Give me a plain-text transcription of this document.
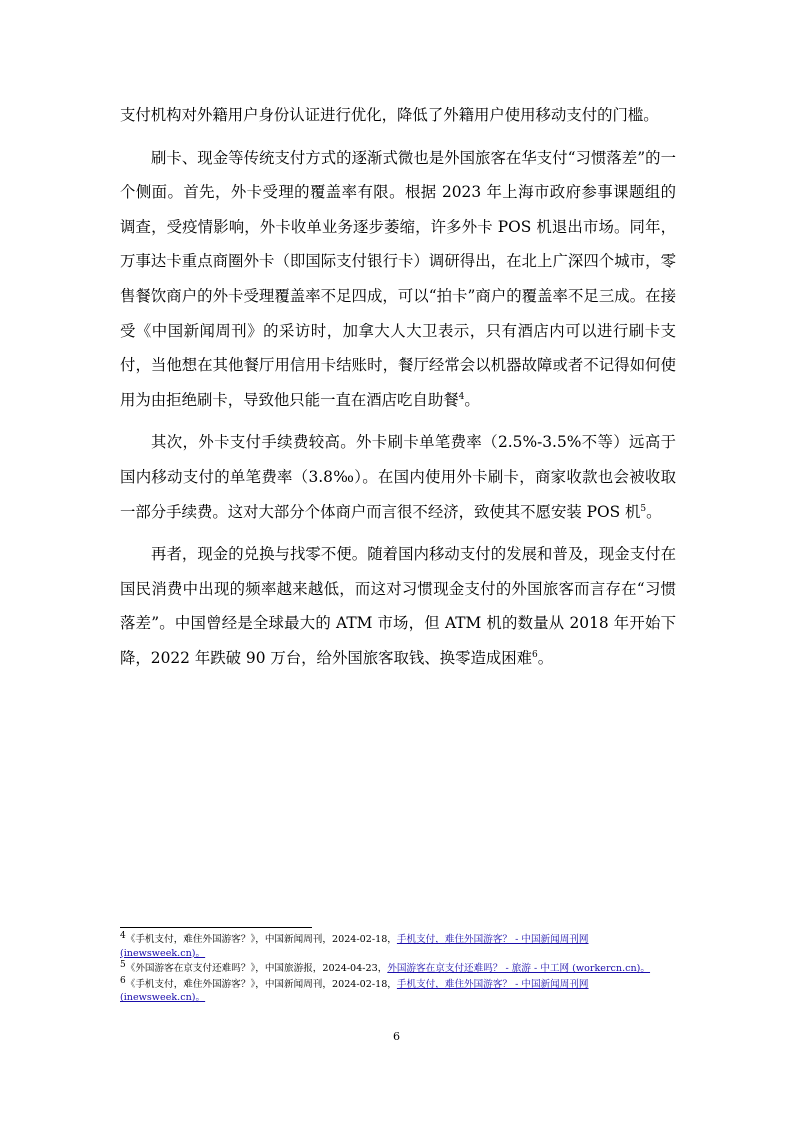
支付机构对外籍用户身份认证进行优化，降低了外籍用户使用移动支付的门槛。

刷卡、现金等传统支付方式的逐渐式微也是外国旅客在华支付“习惯落差”的一个侧面。首先，外卡受理的覆盖率有限。根据 2023 年上海市政府参事课题组的调查，受疫情影响，外卡收单业务逐步萎缩，许多外卡 POS 机退出市场。同年，万事达卡重点商圈外卡（即国际支付银行卡）调研得出，在北上广深四个城市，零售餐饮商户的外卡受理覆盖率不足四成，可以“拍卡”商户的覆盖率不足三成。在接受《中国新闻周刊》的采访时，加拿大人大卫表示，只有酒店内可以进行刷卡支付，当他想在其他餐厅用信用卡结账时，餐厅经常会以机器故障或者不记得如何使用为由拒绝刷卡，导致他只能一直在酒店吃自助餐$^4$。

其次，外卡支付手续费较高。外卡刷卡单笔费率（2.5%-3.5%不等）远高于国内移动支付的单笔费率（3.8‰）。在国内使用外卡刷卡，商家收款也会被收取一部分手续费。这对大部分个体商户而言很不经济，致使其不愿安装 POS 机$^5$。

再者，现金的兑换与找零不便。随着国内移动支付的发展和普及，现金支付在国民消费中出现的频率越来越低，而这对习惯现金支付的外国旅客而言存在“习惯落差”。中国曾经是全球最大的 ATM 市场，但 ATM 机的数量从 2018 年开始下降，2022 年跌破 90 万台，给外国旅客取钱、换零造成困难$^6$。

$^4$《手机支付，难住外国游客？》，中国新闻周刊，2024-02-18，手机支付，难住外国游客？ - 中国新闻周刊网 (inewsweek.cn)。

$^5$《外国游客在京支付还难吗？》，中国旅游报，2024-04-23，外国游客在京支付还难吗？ - 旅游 - 中工网 (workercn.cn)。

$^6$《手机支付，难住外国游客？》，中国新闻周刊，2024-02-18，手机支付，难住外国游客？ - 中国新闻周刊网 (inewsweek.cn)。

6
